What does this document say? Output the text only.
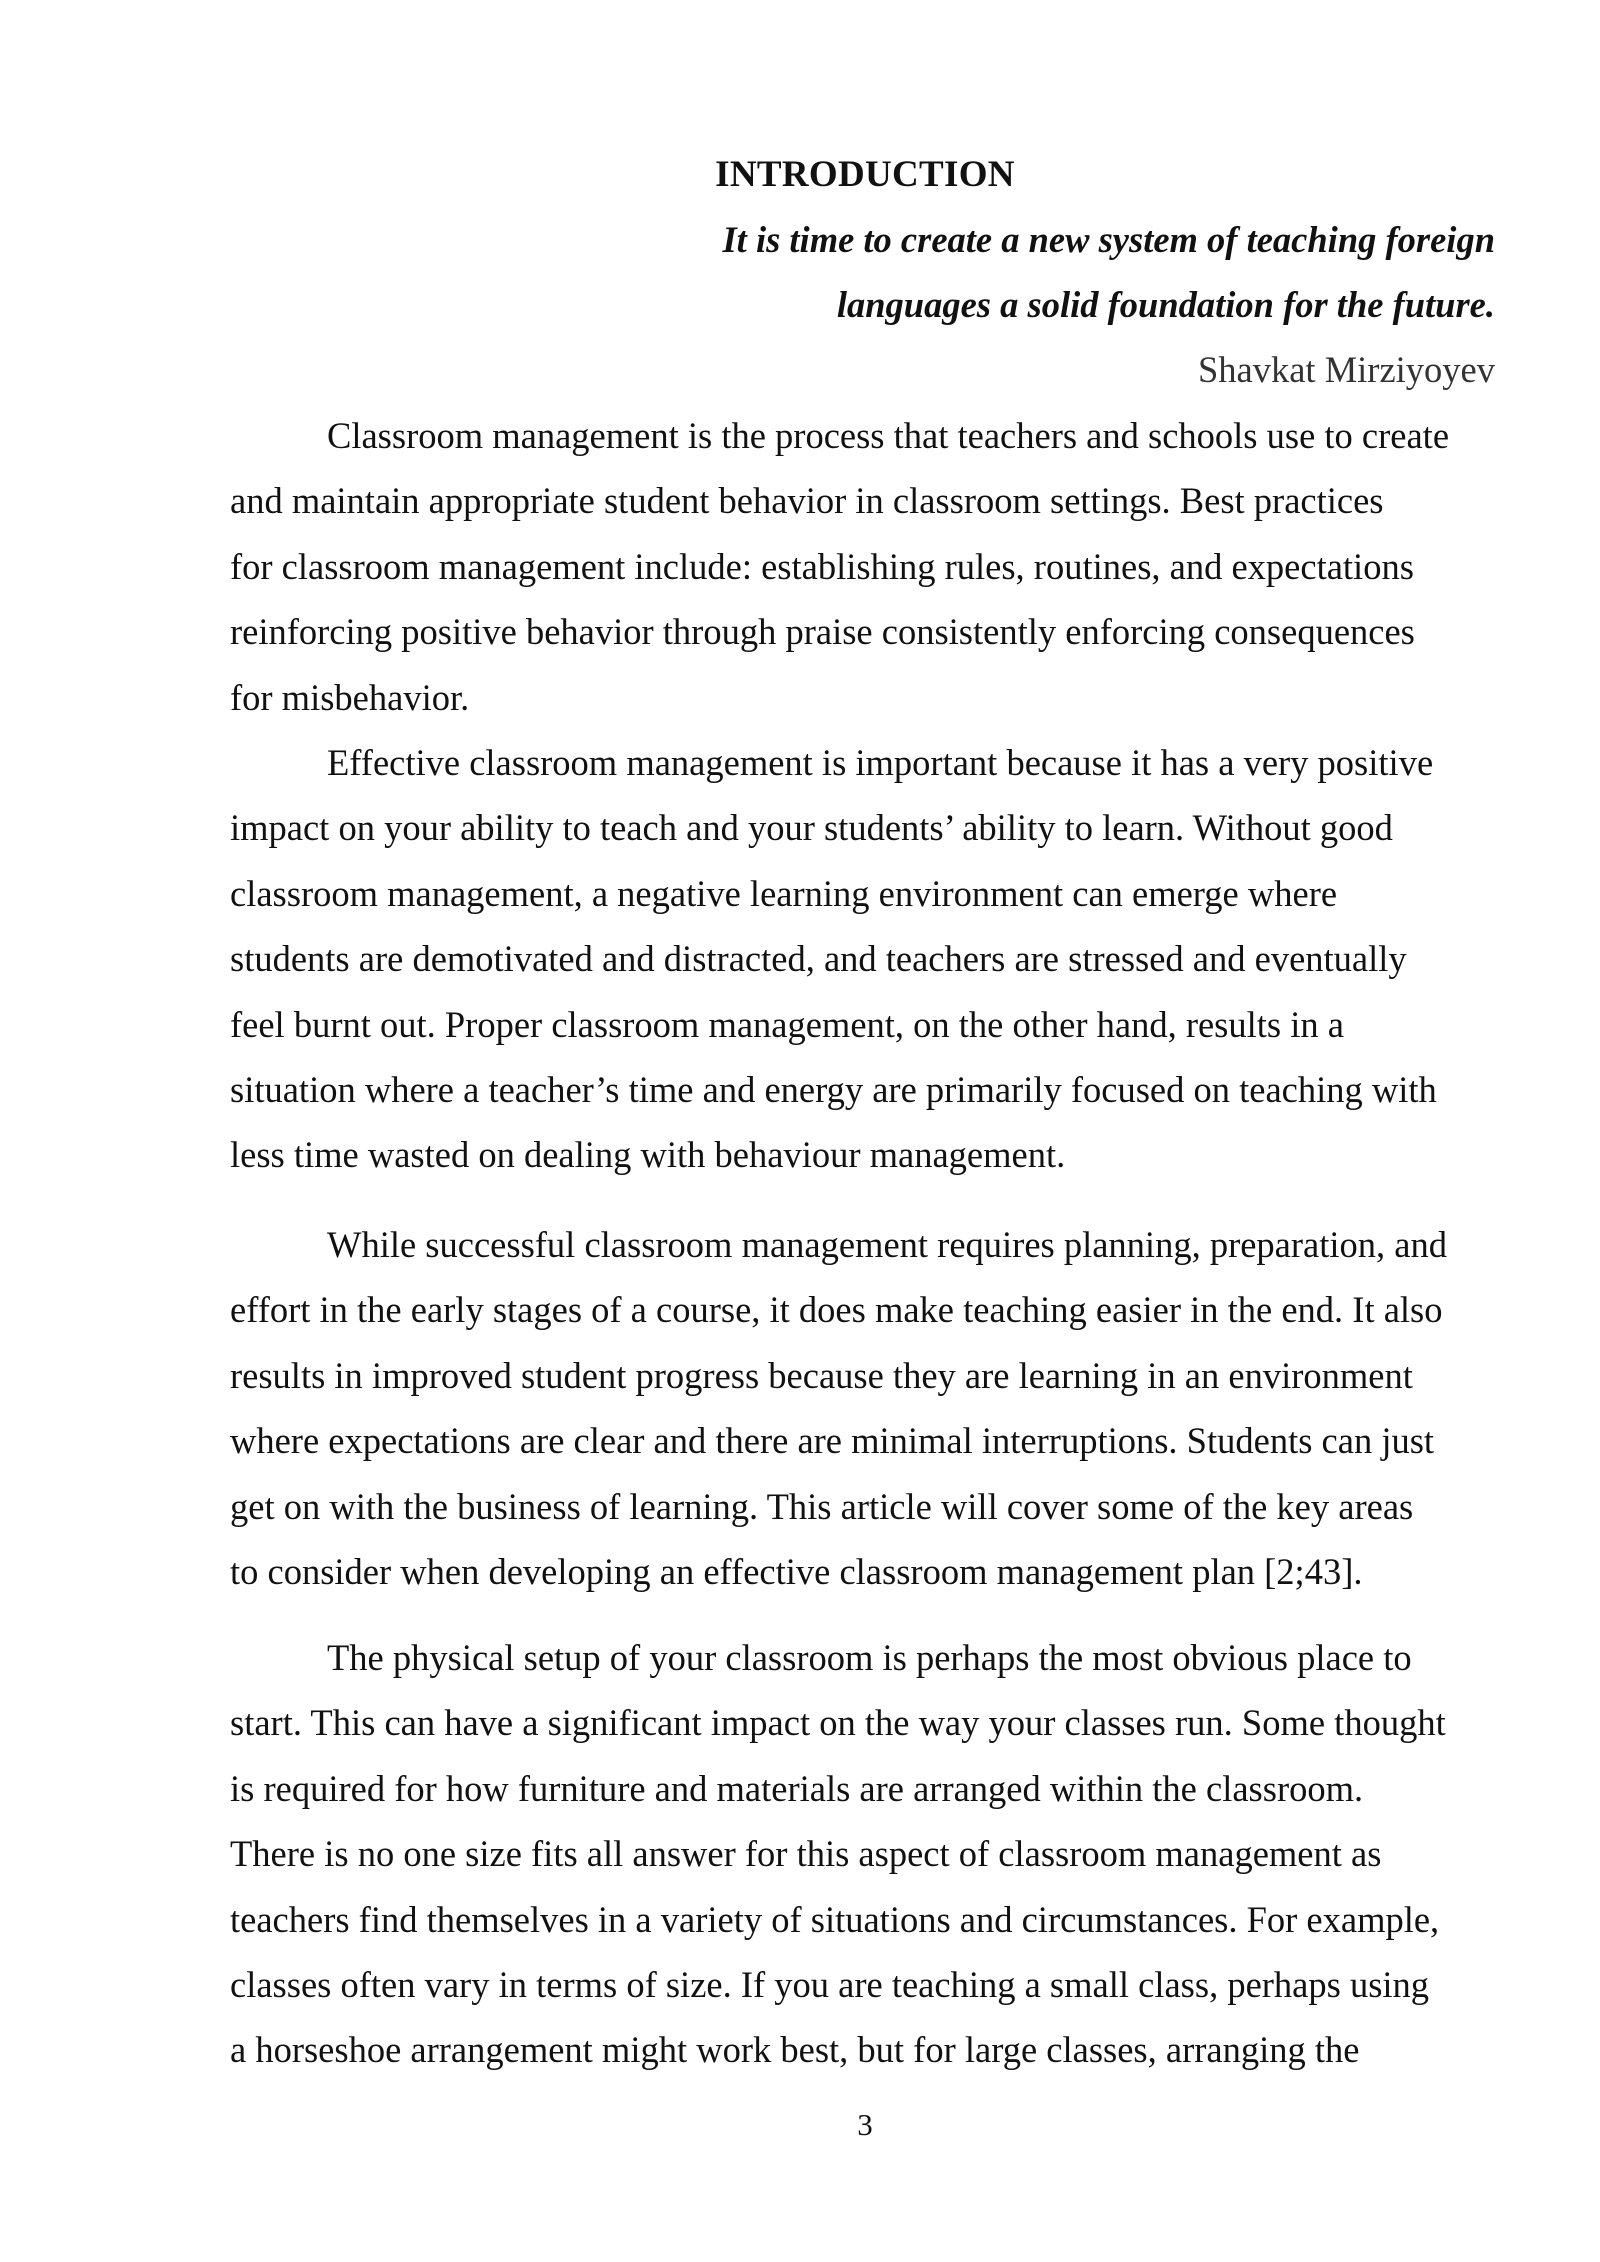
INTRODUCTION
It is time to create a new system of teaching foreign
languages a solid foundation for the future.
Shavkat Mirziyoyev

Classroom management is the process that teachers and schools use to create
and maintain appropriate student behavior in classroom settings. Best practices
for classroom management include: establishing rules, routines, and expectations
reinforcing positive behavior through praise consistently enforcing consequences
for misbehavior.

Effective classroom management is important because it has a very positive
impact on your ability to teach and your students’ ability to learn. Without good
classroom management, a negative learning environment can emerge where
students are demotivated and distracted, and teachers are stressed and eventually
feel burnt out. Proper classroom management, on the other hand, results in a
situation where a teacher’s time and energy are primarily focused on teaching with
less time wasted on dealing with behaviour management.

While successful classroom management requires planning, preparation, and
effort in the early stages of a course, it does make teaching easier in the end. It also
results in improved student progress because they are learning in an environment
where expectations are clear and there are minimal interruptions. Students can just
get on with the business of learning. This article will cover some of the key areas
to consider when developing an effective classroom management plan [2;43].

The physical setup of your classroom is perhaps the most obvious place to
start. This can have a significant impact on the way your classes run. Some thought
is required for how furniture and materials are arranged within the classroom.
There is no one size fits all answer for this aspect of classroom management as
teachers find themselves in a variety of situations and circumstances. For example,
classes often vary in terms of size. If you are teaching a small class, perhaps using
a horseshoe arrangement might work best, but for large classes, arranging the

3
